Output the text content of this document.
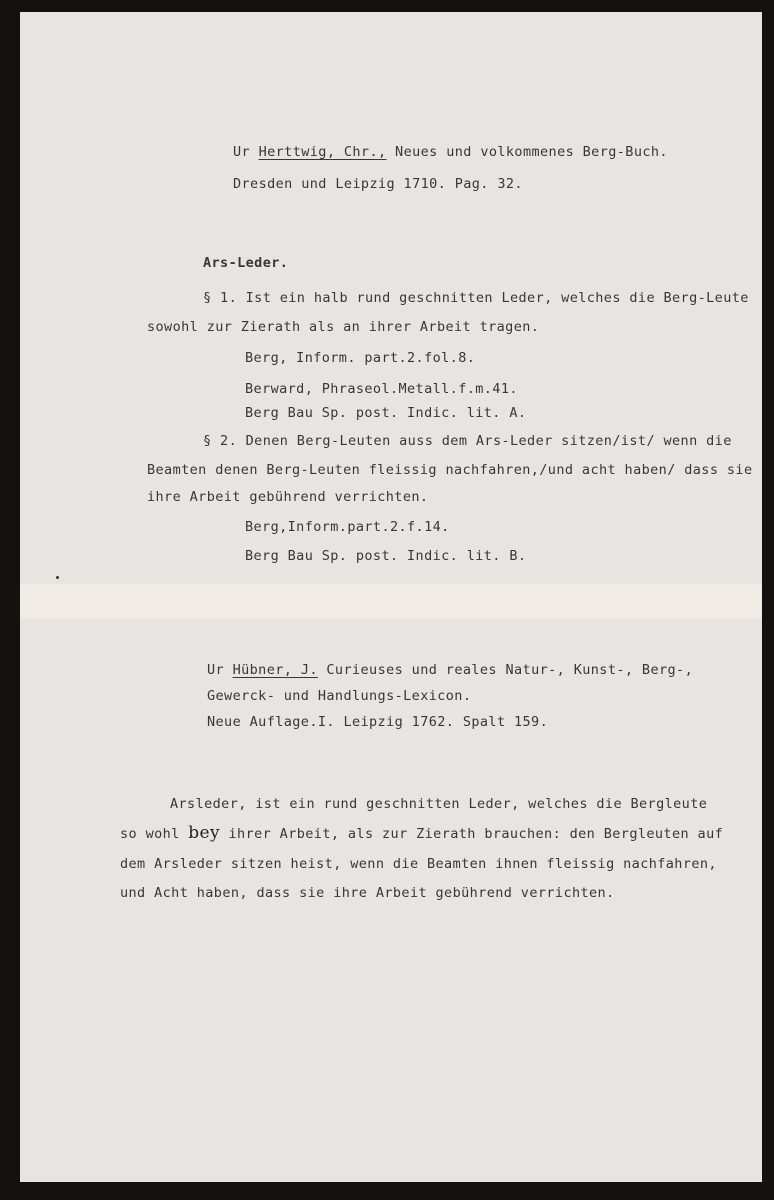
Ur Herttwig, Chr., Neues und volkommenes Berg-Buch.
Dresden und Leipzig 1710. Pag. 32.
Ars-Leder.
§ 1. Ist ein halb rund geschnitten Leder, welches die Berg-Leute
sowohl zur Zierath als an ihrer Arbeit tragen.
Berg, Inform. part.2.fol.8.
Berward, Phraseol.Metall.f.m.41.
Berg Bau Sp. post. Indic. lit. A.
§ 2. Denen Berg-Leuten auss dem Ars-Leder sitzen/ist/ wenn die
Beamten denen Berg-Leuten fleissig nachfahren,/und acht haben/ dass sie
ihre Arbeit gebührend verrichten.
Berg,Inform.part.2.f.14.
Berg Bau Sp. post. Indic. lit. B.
Ur Hübner, J. Curieuses und reales Natur-, Kunst-, Berg-,
Gewerck- und Handlungs-Lexicon.
Neue Auflage.I. Leipzig 1762. Spalt 159.
Arsleder, ist ein rund geschnitten Leder, welches die Bergleute
so wohl bey ihrer Arbeit, als zur Zierath brauchen: den Bergleuten auf
dem Arsleder sitzen heist, wenn die Beamten ihnen fleissig nachfahren,
und Acht haben, dass sie ihre Arbeit gebührend verrichten.
